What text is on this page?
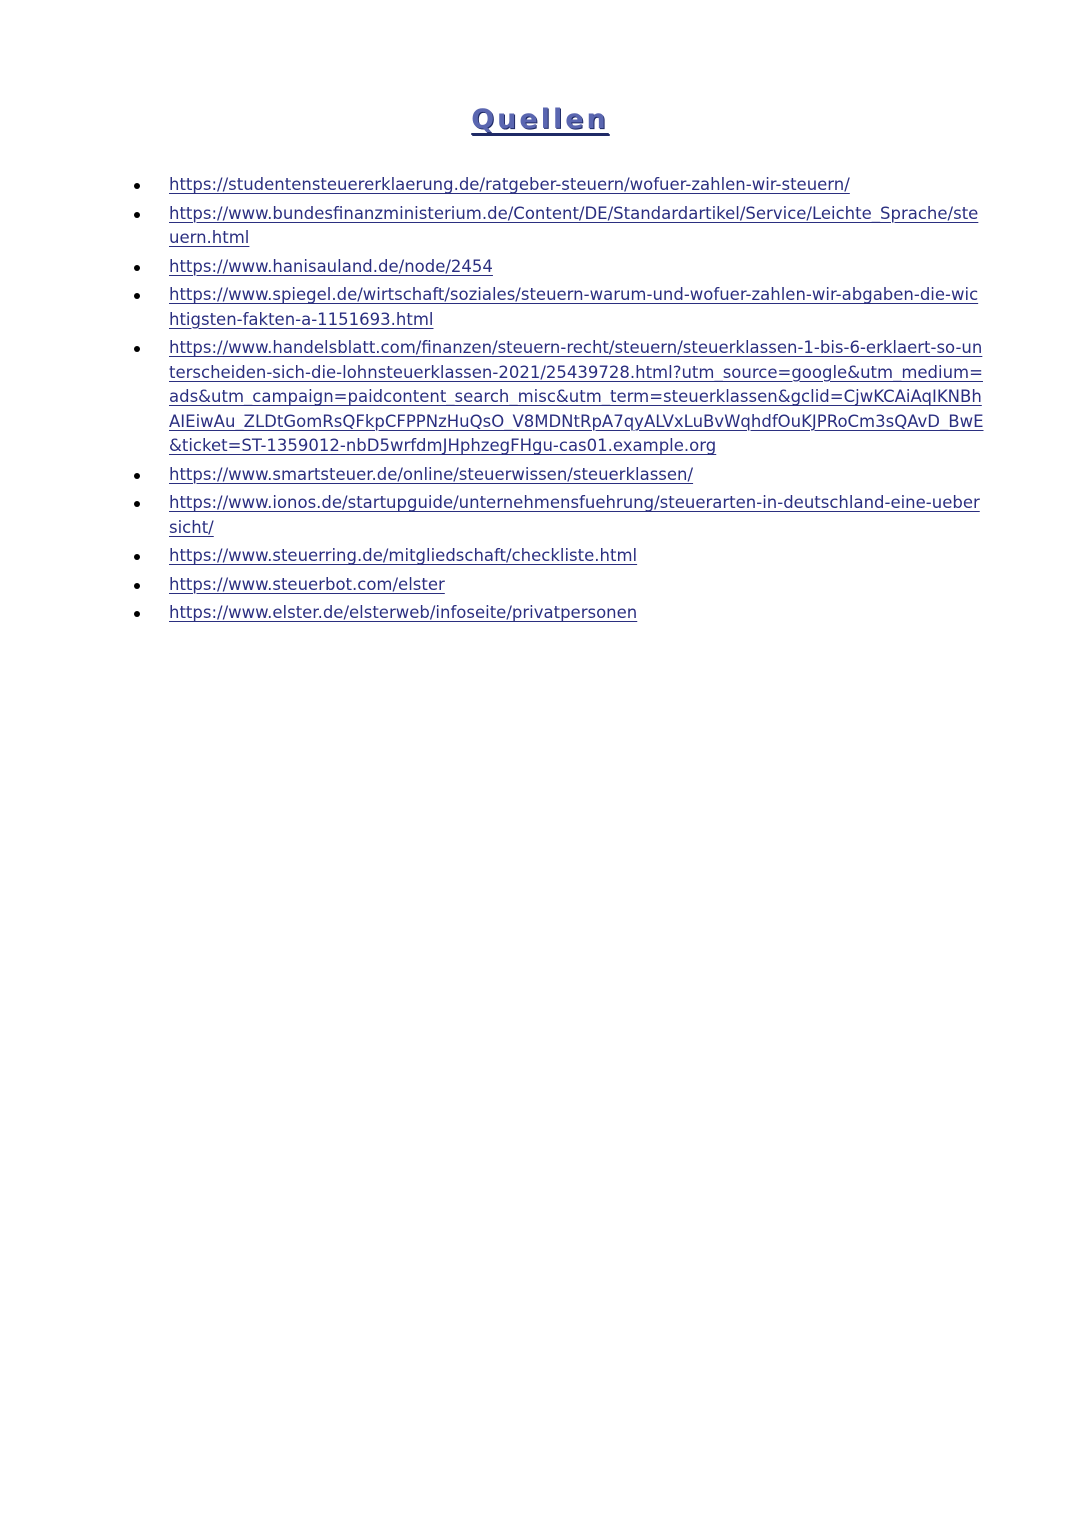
Quellen
https://studentensteuererklaerung.de/ratgeber-steuern/wofuer-zahlen-wir-steuern/
https://www.bundesfinanzministerium.de/Content/DE/Standardartikel/Service/Leichte_Sprache/steuern.html
https://www.hanisauland.de/node/2454
https://www.spiegel.de/wirtschaft/soziales/steuern-warum-und-wofuer-zahlen-wir-abgaben-die-wichtigsten-fakten-a-1151693.html
https://www.handelsblatt.com/finanzen/steuern-recht/steuern/steuerklassen-1-bis-6-erklaert-so-unterscheiden-sich-die-lohnsteuerklassen-2021/25439728.html?utm_source=google&utm_medium=ads&utm_campaign=paidcontent_search_misc&utm_term=steuerklassen&gclid=CjwKCAiAqIKNBhAIEiwAu_ZLDtGomRsQFkpCFPPNzHuQsO_V8MDNtRpA7qyALVxLuBvWqhdfOuKJPRoCm3sQAvD_BwE&ticket=ST-1359012-nbD5wrfdmJHphzegFHgu-cas01.example.org
https://www.smartsteuer.de/online/steuerwissen/steuerklassen/
https://www.ionos.de/startupguide/unternehmensfuehrung/steuerarten-in-deutschland-eine-uebersicht/
https://www.steuerring.de/mitgliedschaft/checkliste.html
https://www.steuerbot.com/elster
https://www.elster.de/elsterweb/infoseite/privatpersonen
